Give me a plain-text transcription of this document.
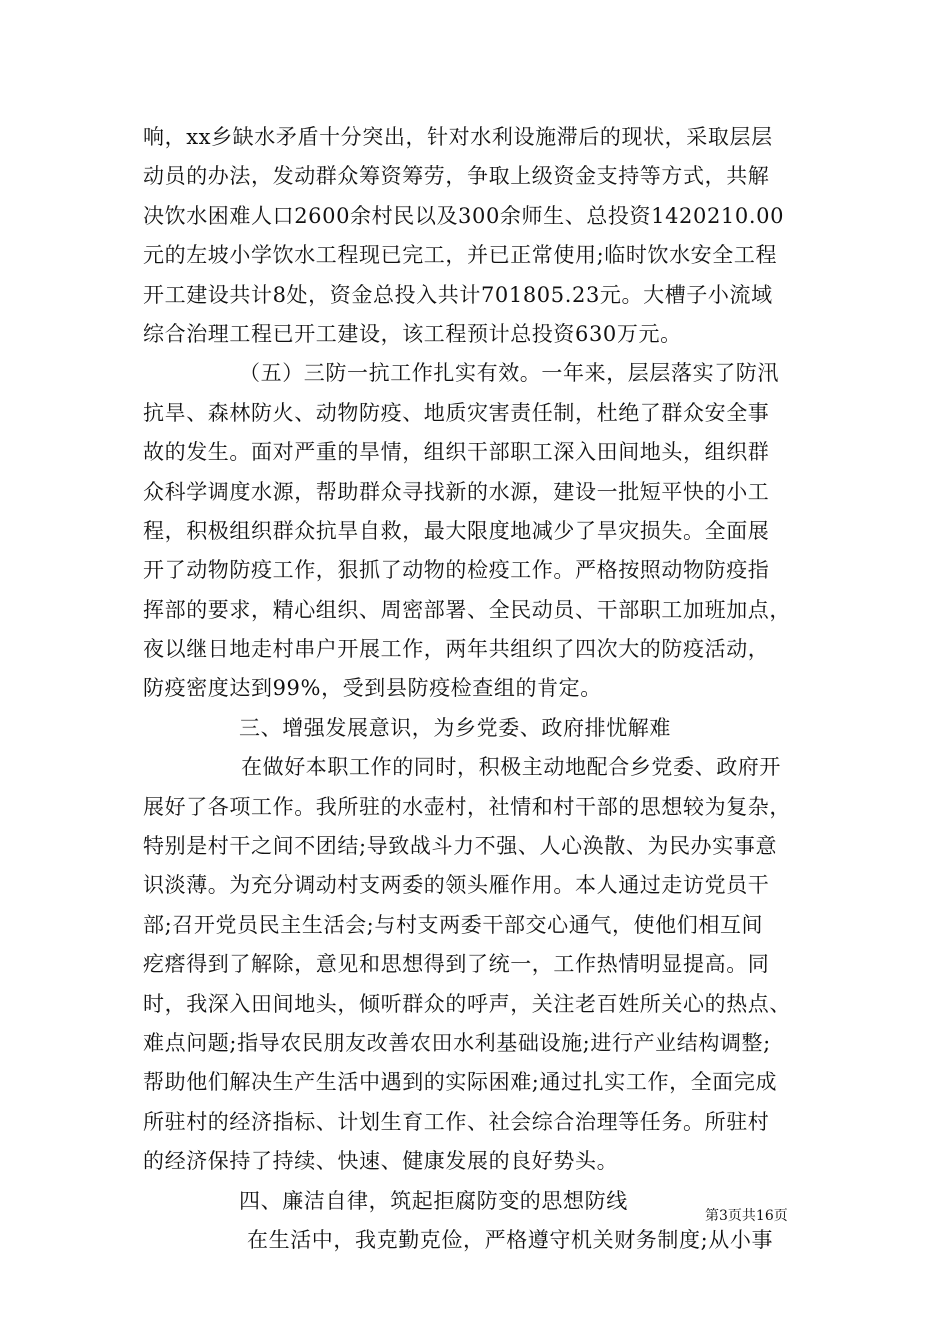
响，xx乡缺水矛盾十分突出，针对水利设施滞后的现状，采取层层
动员的办法，发动群众筹资筹劳，争取上级资金支持等方式，共解
决饮水困难人口2600余村民以及300余师生、总投资1420210.00
元的左坡小学饮水工程现已完工，并已正常使用;临时饮水安全工程
开工建设共计8处，资金总投入共计701805.23元。大槽子小流域
综合治理工程已开工建设，该工程预计总投资630万元。
（五）三防一抗工作扎实有效。一年来，层层落实了防汛
抗旱、森林防火、动物防疫、地质灾害责任制，杜绝了群众安全事
故的发生。面对严重的旱情，组织干部职工深入田间地头，组织群
众科学调度水源，帮助群众寻找新的水源，建设一批短平快的小工
程，积极组织群众抗旱自救，最大限度地减少了旱灾损失。全面展
开了动物防疫工作，狠抓了动物的检疫工作。严格按照动物防疫指
挥部的要求，精心组织、周密部署、全民动员、干部职工加班加点，
夜以继日地走村串户开展工作，两年共组织了四次大的防疫活动，
防疫密度达到99%，受到县防疫检查组的肯定。
三、增强发展意识，为乡党委、政府排忧解难
在做好本职工作的同时，积极主动地配合乡党委、政府开
展好了各项工作。我所驻的水壶村，社情和村干部的思想较为复杂，
特别是村干之间不团结;导致战斗力不强、人心涣散、为民办实事意
识淡薄。为充分调动村支两委的领头雁作用。本人通过走访党员干
部;召开党员民主生活会;与村支两委干部交心通气，使他们相互间
疙瘩得到了解除，意见和思想得到了统一，工作热情明显提高。同
时，我深入田间地头，倾听群众的呼声，关注老百姓所关心的热点、
难点问题;指导农民朋友改善农田水利基础设施;进行产业结构调整;
帮助他们解决生产生活中遇到的实际困难;通过扎实工作，全面完成
所驻村的经济指标、计划生育工作、社会综合治理等任务。所驻村
的经济保持了持续、快速、健康发展的良好势头。
四、廉洁自律，筑起拒腐防变的思想防线
在生活中，我克勤克俭，严格遵守机关财务制度;从小事
第3页共16页
